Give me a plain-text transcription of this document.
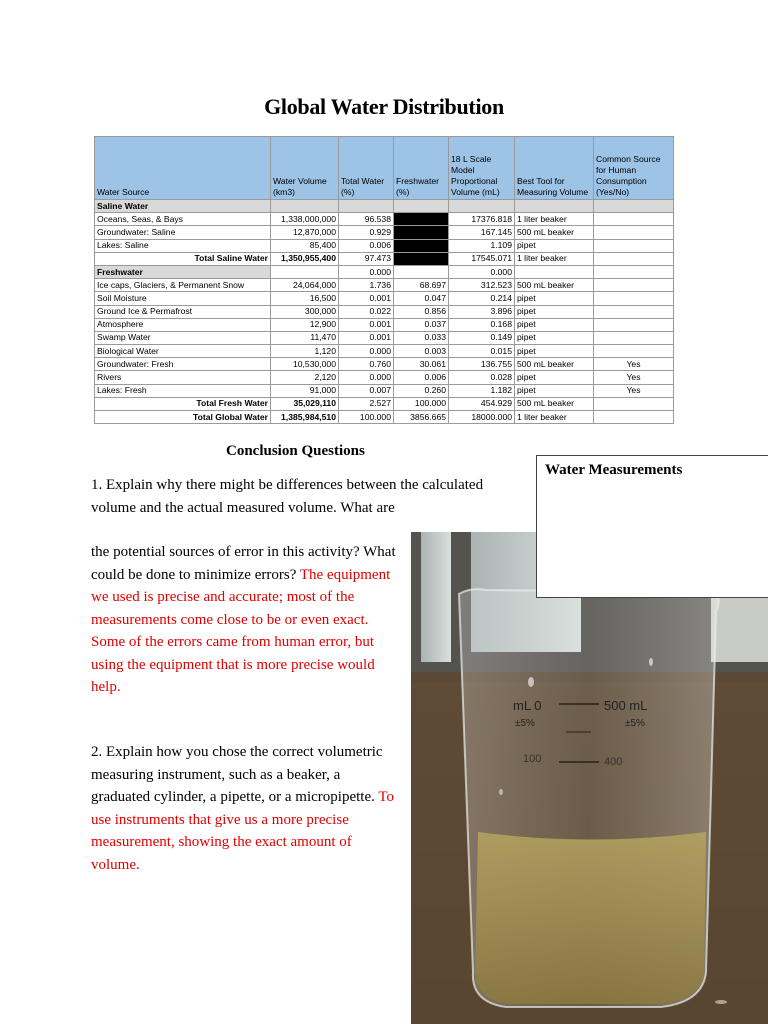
Global Water Distribution
Water Source	Water Volume (km3)	Total Water (%)	Freshwater (%)	18 L Scale Model Proportional Volume (mL)	Best Tool for Measuring Volume	Common Source for Human Consumption (Yes/No)
Saline Water						
Oceans, Seas, & Bays	1,338,000,000	96.538		17376.818	1 liter beaker	
Groundwater: Saline	12,870,000	0.929		167.145	500 mL beaker	
Lakes: Saline	85,400	0.006		1.109	pipet	
Total Saline Water	1,350,955,400	97.473		17545.071	1 liter beaker	
Freshwater		0.000		0.000		
Ice caps, Glaciers, & Permanent Snow	24,064,000	1.736	68.697	312.523	500 mL beaker	
Soil Moisture	16,500	0.001	0.047	0.214	pipet	
Ground Ice & Permafrost	300,000	0.022	0.856	3.896	pipet	
Atmosphere	12,900	0.001	0.037	0.168	pipet	
Swamp Water	11,470	0.001	0.033	0.149	pipet	
Biological Water	1,120	0.000	0.003	0.015	pipet	
Groundwater: Fresh	10,530,000	0.760	30.061	136.755	500 mL beaker	Yes
Rivers	2,120	0.000	0.006	0.028	pipet	Yes
Lakes: Fresh	91,000	0.007	0.260	1.182	pipet	Yes
Total Fresh Water	35,029,110	2.527	100.000	454.929	500 mL beaker	
Total Global Water	1,385,984,510	100.000	3856.665	18000.000	1 liter beaker	
Conclusion Questions
1. Explain why there might be differences between the calculated volume and the actual measured volume. What are
the potential sources of error in this activity? What could be done to minimize errors? The equipment we used is precise and accurate; most of the measurements come close to be or even exact. Some of the errors came from human error, but using the equipment that is more precise would help.
2. Explain how you chose the correct volumetric measuring instrument, such as a beaker, a graduated cylinder, a pipette, or a micropipette. To use instruments that give us a more precise measurement, showing the exact amount of volume.
mL 0
±5%
500 mL
±5%
100	400
Water Measurements
